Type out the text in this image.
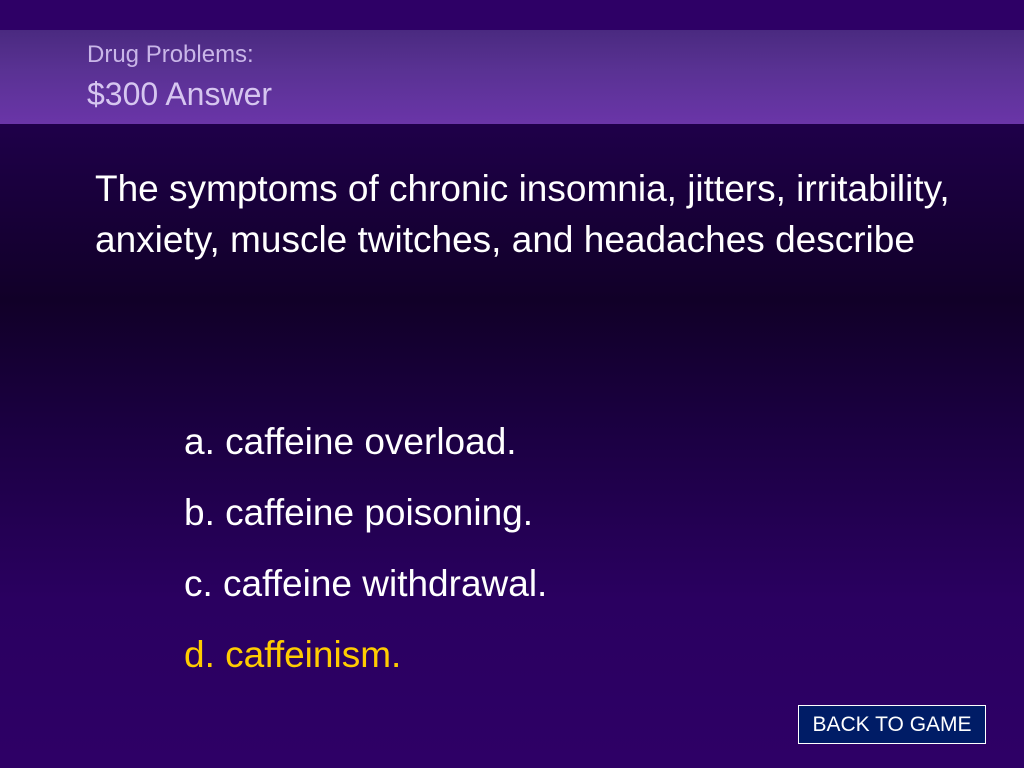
Drug Problems:
$300 Answer
The symptoms of chronic insomnia, jitters, irritability, anxiety, muscle twitches, and headaches describe
a. caffeine overload.
b. caffeine poisoning.
c. caffeine withdrawal.
d. caffeinism.
BACK TO GAME
